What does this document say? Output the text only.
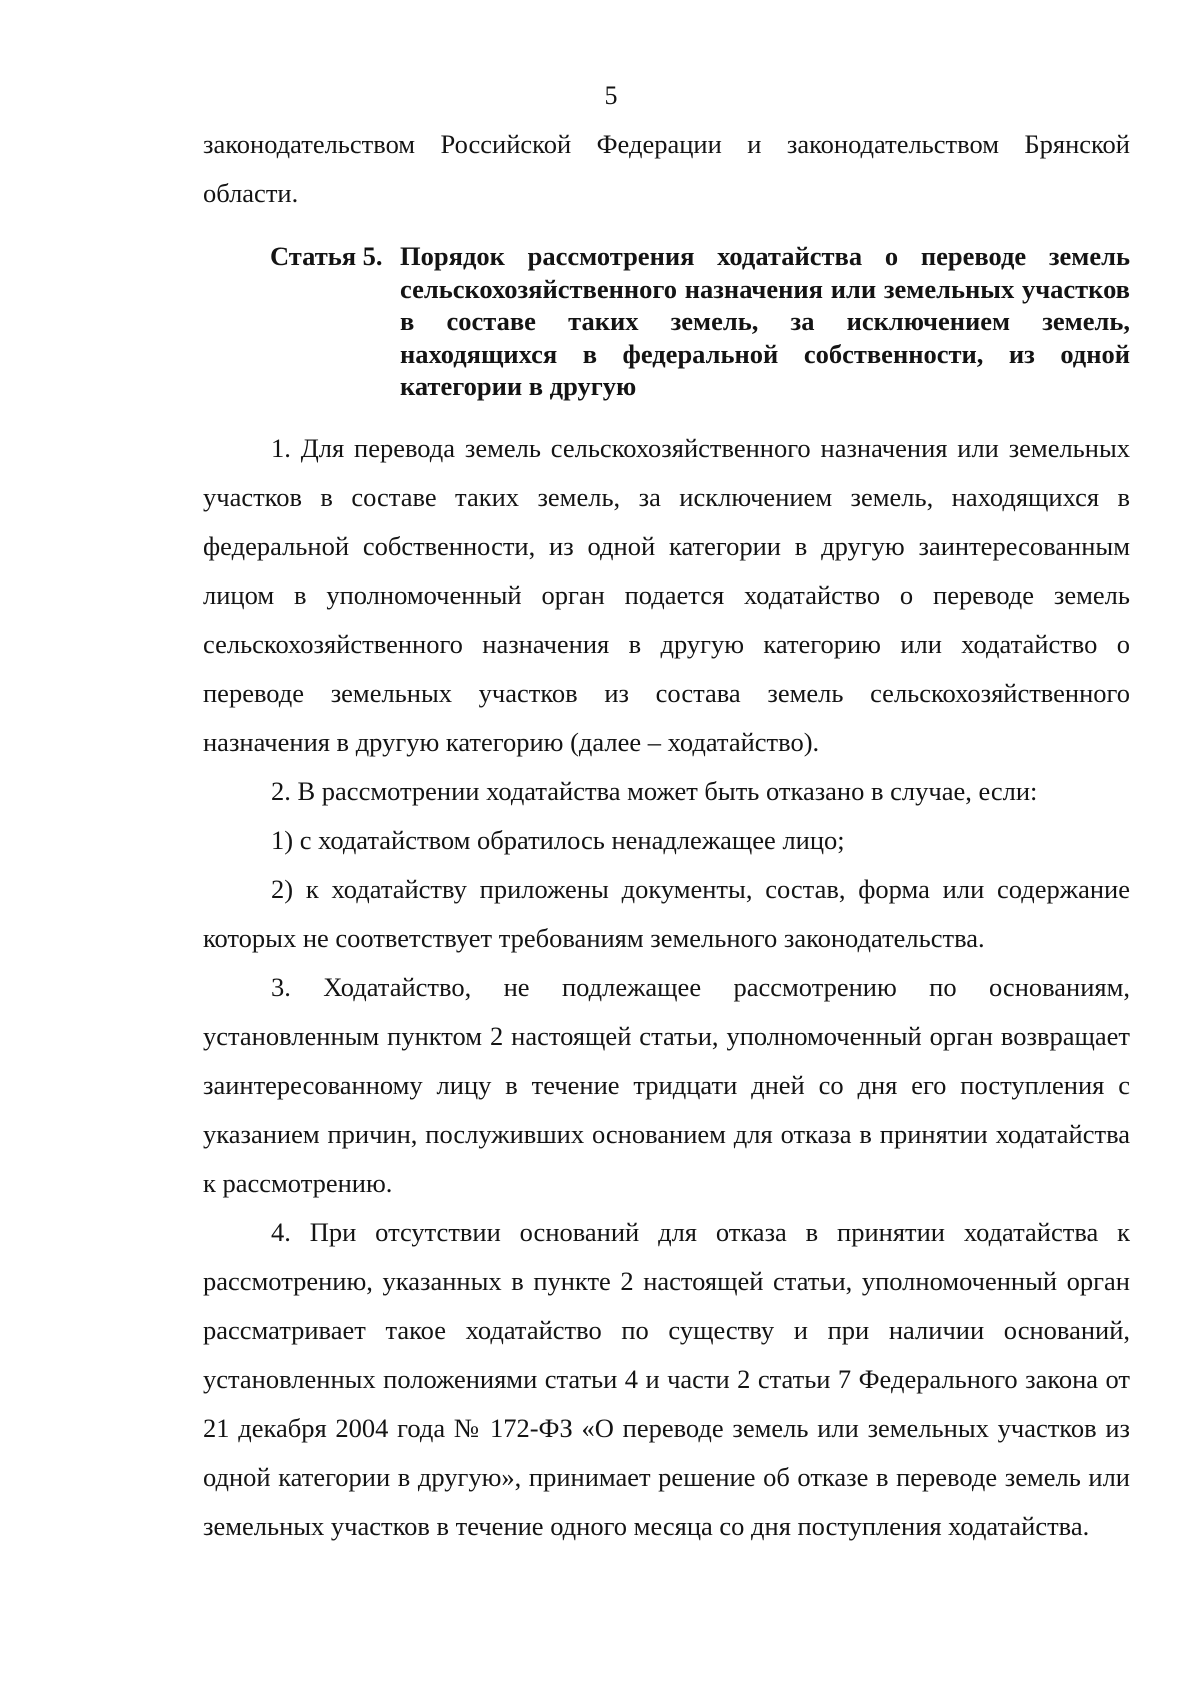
5

законодательством Российской Федерации и законодательством Брянской области.

Статья 5. Порядок рассмотрения ходатайства о переводе земель сельскохозяйственного назначения или земельных участков в составе таких земель, за исключением земель, находящихся в федеральной собственности, из одной категории в другую

1. Для перевода земель сельскохозяйственного назначения или земельных участков в составе таких земель, за исключением земель, находящихся в федеральной собственности, из одной категории в другую заинтересованным лицом в уполномоченный орган подается ходатайство о переводе земель сельскохозяйственного назначения в другую категорию или ходатайство о переводе земельных участков из состава земель сельскохозяйственного назначения в другую категорию (далее – ходатайство).

2. В рассмотрении ходатайства может быть отказано в случае, если:

1) с ходатайством обратилось ненадлежащее лицо;

2) к ходатайству приложены документы, состав, форма или содержание которых не соответствует требованиям земельного законодательства.

3. Ходатайство, не подлежащее рассмотрению по основаниям, установленным пунктом 2 настоящей статьи, уполномоченный орган возвращает заинтересованному лицу в течение тридцати дней со дня его поступления с указанием причин, послуживших основанием для отказа в принятии ходатайства к рассмотрению.

4. При отсутствии оснований для отказа в принятии ходатайства к рассмотрению, указанных в пункте 2 настоящей статьи, уполномоченный орган рассматривает такое ходатайство по существу и при наличии оснований, установленных положениями статьи 4 и части 2 статьи 7 Федерального закона от 21 декабря 2004 года № 172-ФЗ «О переводе земель или земельных участков из одной категории в другую», принимает решение об отказе в переводе земель или земельных участков в течение одного месяца со дня поступления ходатайства.
